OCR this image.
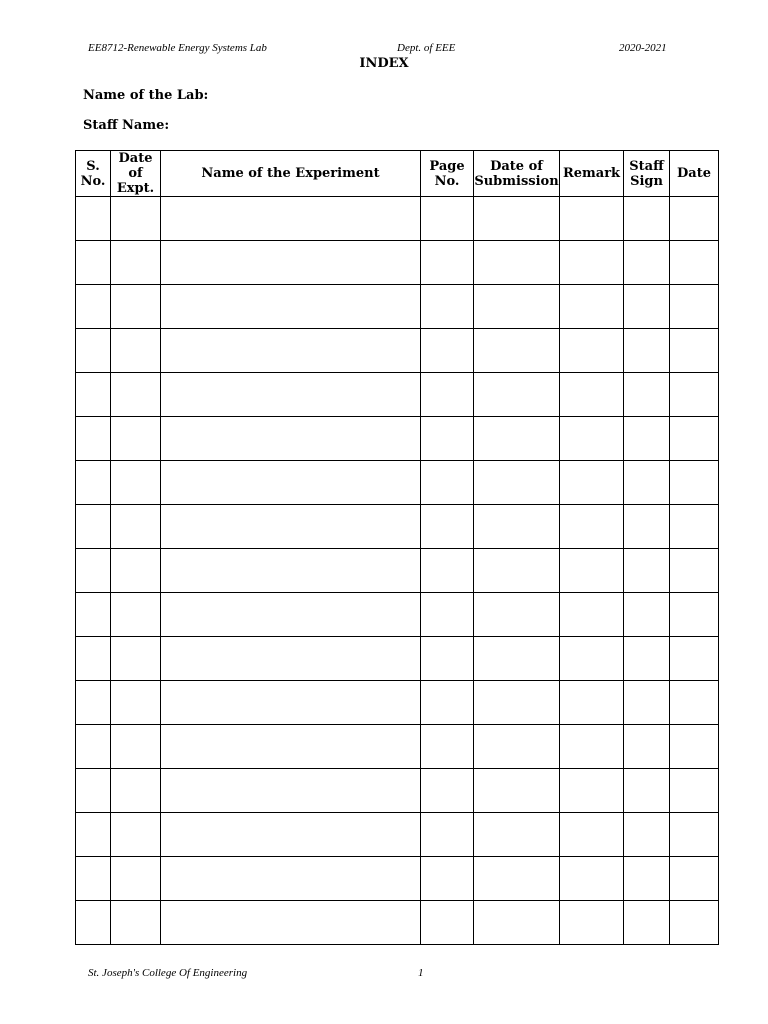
EE8712-Renewable Energy Systems Lab	Dept. of EEE	2020-2021
INDEX
Name of the Lab:
Staff Name:
S. No.	Date of Expt.	Name of the Experiment	Page No.	Date of Submission	Remark	Staff Sign	Date

St. Joseph's College Of Engineering	1
